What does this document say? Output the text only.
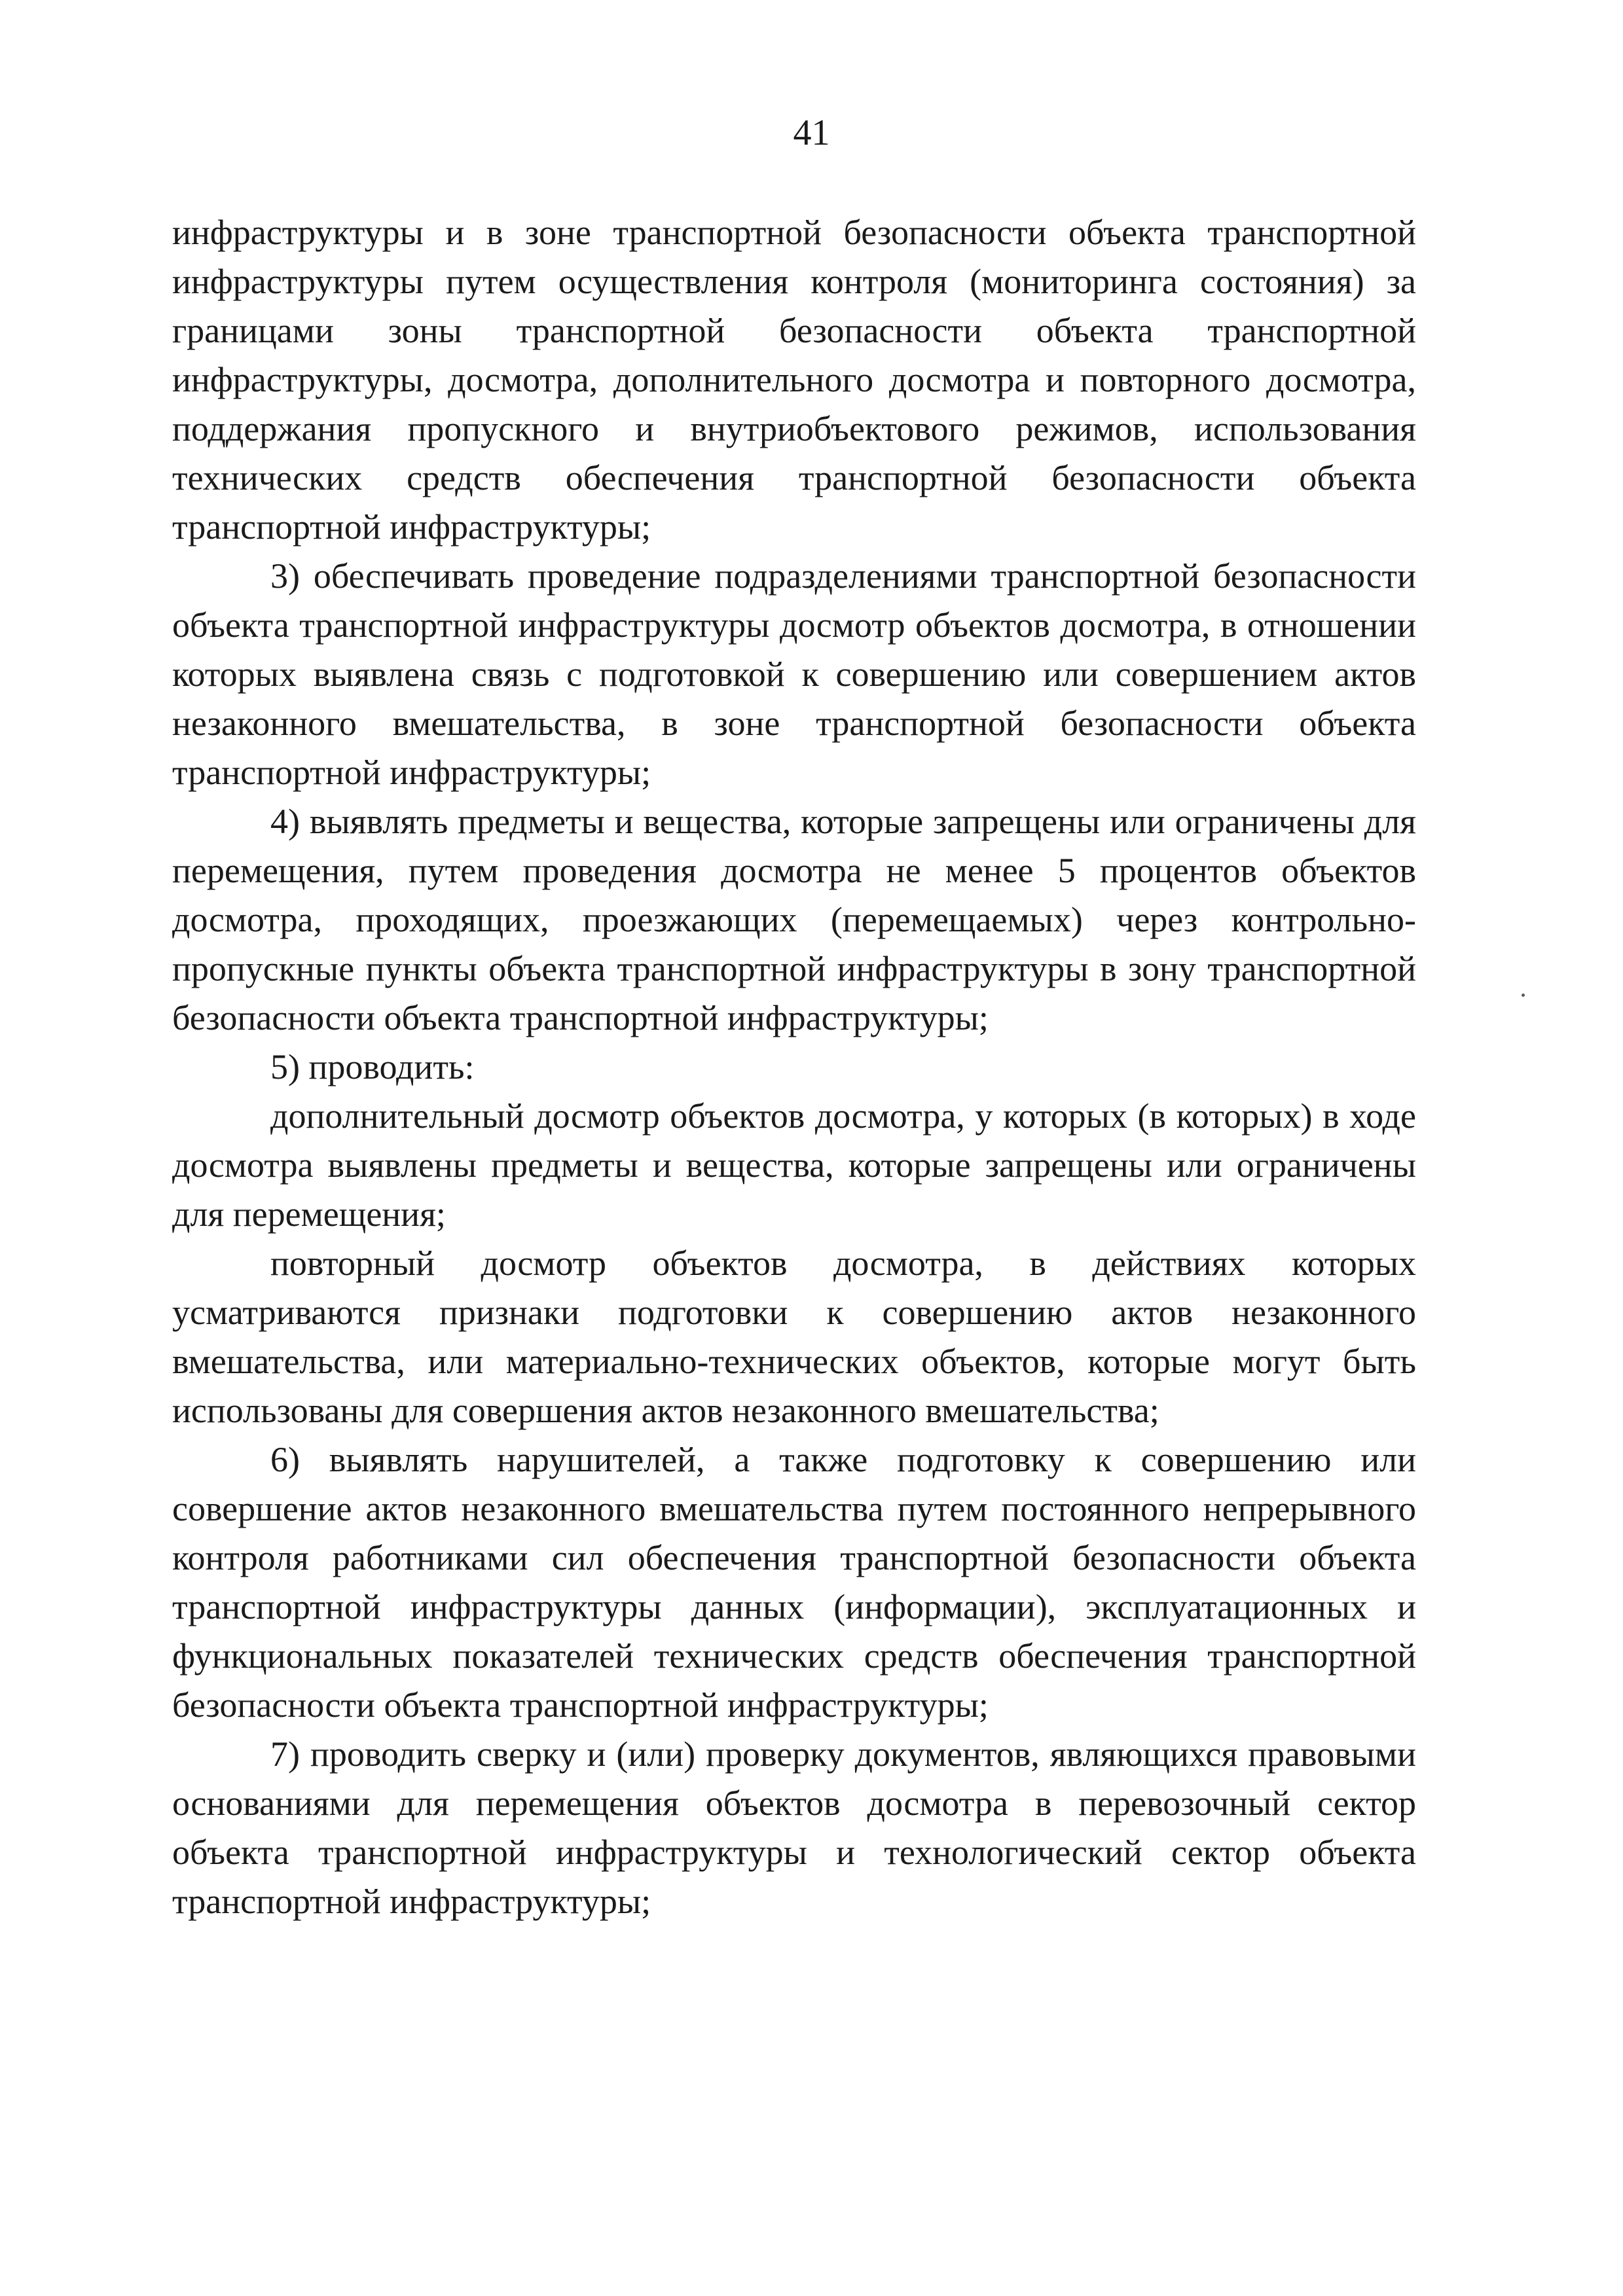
41

инфраструктуры и в зоне транспортной безопасности объекта транспортной инфраструктуры путем осуществления контроля (мониторинга состояния) за границами зоны транспортной безопасности объекта транспортной инфраструктуры, досмотра, дополнительного досмотра и повторного досмотра, поддержания пропускного и внутриобъектового режимов, использования технических средств обеспечения транспортной безопасности объекта транспортной инфраструктуры;

3) обеспечивать проведение подразделениями транспортной безопасности объекта транспортной инфраструктуры досмотр объектов досмотра, в отношении которых выявлена связь с подготовкой к совершению или совершением актов незаконного вмешательства, в зоне транспортной безопасности объекта транспортной инфраструктуры;

4) выявлять предметы и вещества, которые запрещены или ограничены для перемещения, путем проведения досмотра не менее 5 процентов объектов досмотра, проходящих, проезжающих (перемещаемых) через контрольно-пропускные пункты объекта транспортной инфраструктуры в зону транспортной безопасности объекта транспортной инфраструктуры;

5) проводить:

дополнительный досмотр объектов досмотра, у которых (в которых) в ходе досмотра выявлены предметы и вещества, которые запрещены или ограничены для перемещения;

повторный досмотр объектов досмотра, в действиях которых усматриваются признаки подготовки к совершению актов незаконного вмешательства, или материально-технических объектов, которые могут быть использованы для совершения актов незаконного вмешательства;

6) выявлять нарушителей, а также подготовку к совершению или совершение актов незаконного вмешательства путем постоянного непрерывного контроля работниками сил обеспечения транспортной безопасности объекта транспортной инфраструктуры данных (информации), эксплуатационных и функциональных показателей технических средств обеспечения транспортной безопасности объекта транспортной инфраструктуры;

7) проводить сверку и (или) проверку документов, являющихся правовыми основаниями для перемещения объектов досмотра в перевозочный сектор объекта транспортной инфраструктуры и технологический сектор объекта транспортной инфраструктуры;
